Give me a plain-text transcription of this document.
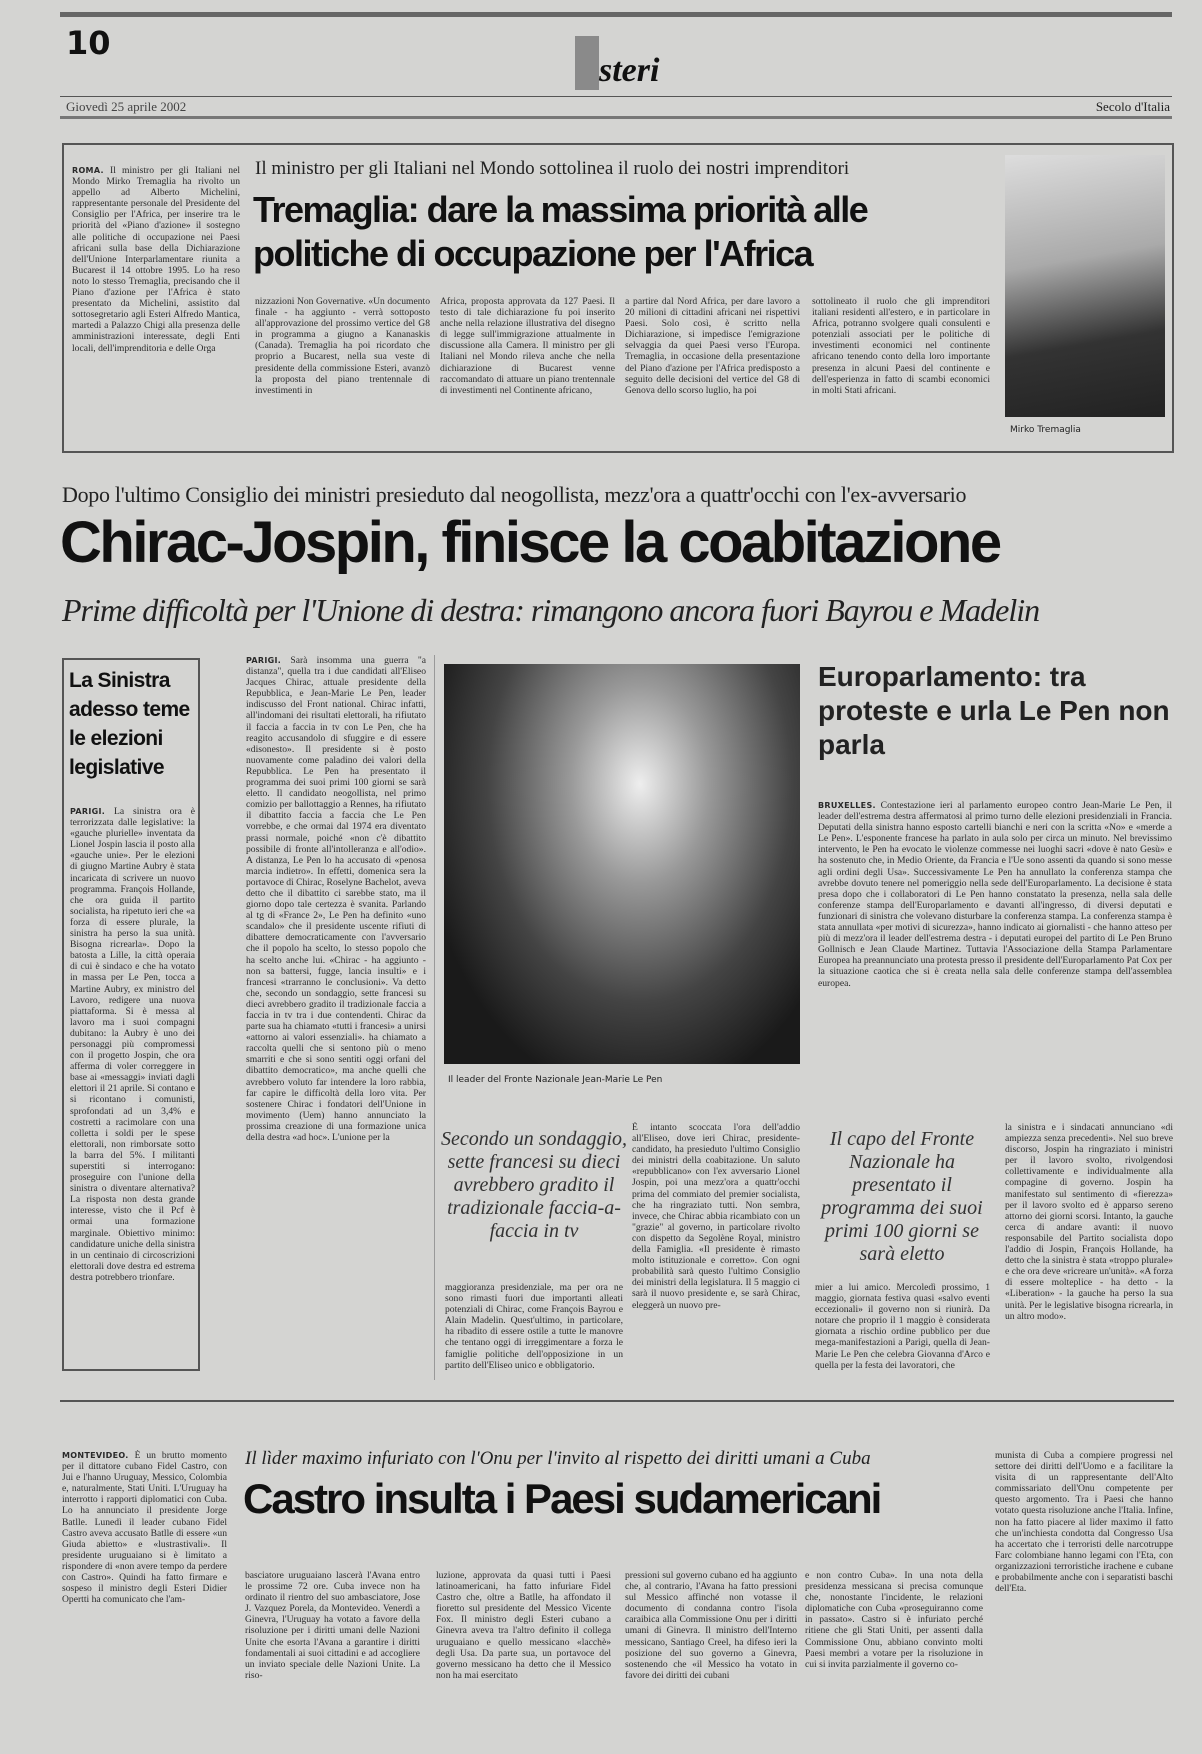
10
steri
Giovedì 25 aprile 2002	Secolo d'Italia
ROMA. Il ministro per gli Italiani nel Mondo Mirko Tremaglia ha rivolto un appello ad Alberto Michelini, rappresentante personale del Presidente del Consiglio per l'Africa, per inserire tra le priorità del «Piano d'azione» il sostegno alle politiche di occupazione nei Paesi africani sulla base della Dichiarazione dell'Unione Interparlamentare riunita a Bucarest il 14 ottobre 1995. Lo ha reso noto lo stesso Tremaglia, precisando che il Piano d'azione per l'Africa è stato presentato da Michelini, assistito dal sottosegretario agli Esteri Alfredo Mantica, martedì a Palazzo Chigi alla presenza delle amministrazioni interessate, degli Enti locali, dell'imprenditoria e delle Orga
Il ministro per gli Italiani nel Mondo sottolinea il ruolo dei nostri imprenditori
Tremaglia: dare la massima priorità alle politiche di occupazione per l'Africa
nizzazioni Non Governative. «Un documento finale - ha aggiunto - verrà sottoposto all'approvazione del prossimo vertice del G8 in programma a giugno a Kananaskis (Canada). Tremaglia ha poi ricordato che proprio a Bucarest, nella sua veste di presidente della commissione Esteri, avanzò la proposta del piano trentennale di investimenti in
Africa, proposta approvata da 127 Paesi. Il testo di tale dichiarazione fu poi inserito anche nella relazione illustrativa del disegno di legge sull'immigrazione attualmente in discussione alla Camera. Il ministro per gli Italiani nel Mondo rileva anche che nella dichiarazione di Bucarest venne raccomandato di attuare un piano trentennale di investimenti nel Continente africano,
a partire dal Nord Africa, per dare lavoro a 20 milioni di cittadini africani nei rispettivi Paesi. Solo così, è scritto nella Dichiarazione, si impedisce l'emigrazione selvaggia da quei Paesi verso l'Europa. Tremaglia, in occasione della presentazione del Piano d'azione per l'Africa predisposto a seguito delle decisioni del vertice del G8 di Genova dello scorso luglio, ha poi
sottolineato il ruolo che gli imprenditori italiani residenti all'estero, e in particolare in Africa, potranno svolgere quali consulenti e potenziali associati per le politiche di investimenti economici nel continente africano tenendo conto della loro importante presenza in alcuni Paesi del continente e dell'esperienza in fatto di scambi economici in molti Stati africani.
Mirko Tremaglia
Dopo l'ultimo Consiglio dei ministri presieduto dal neogollista, mezz'ora a quattr'occhi con l'ex-avversario
Chirac-Jospin, finisce la coabitazione
Prime difficoltà per l'Unione di destra: rimangono ancora fuori Bayrou e Madelin
La Sinistra adesso teme le elezioni legislative
PARIGI. La sinistra ora è terrorizzata dalle legislative: la «gauche plurielle» inventata da Lionel Jospin lascia il posto alla «gauche unie». Per le elezioni di giugno Martine Aubry è stata incaricata di scrivere un nuovo programma. François Hollande, che ora guida il partito socialista, ha ripetuto ieri che «a forza di essere plurale, la sinistra ha perso la sua unità. Bisogna ricrearla». Dopo la batosta a Lille, la città operaia di cui è sindaco e che ha votato in massa per Le Pen, tocca a Martine Aubry, ex ministro del Lavoro, redigere una nuova piattaforma. Si è messa al lavoro ma i suoi compagni dubitano: la Aubry è uno dei personaggi più compromessi con il progetto Jospin, che ora afferma di voler correggere in base ai «messaggi» inviati dagli elettori il 21 aprile. Si contano e si ricontano i comunisti, sprofondati ad un 3,4% e costretti a racimolare con una colletta i soldi per le spese elettorali, non rimborsate sotto la barra del 5%. I militanti superstiti si interrogano: proseguire con l'unione della sinistra o diventare alternativa? La risposta non desta grande interesse, visto che il Pcf è ormai una formazione marginale. Obiettivo minimo: candidature uniche della sinistra in un centinaio di circoscrizioni elettorali dove destra ed estrema destra potrebbero trionfare.
PARIGI. Sarà insomma una guerra "a distanza", quella tra i due candidati all'Eliseo Jacques Chirac, attuale presidente della Repubblica, e Jean-Marie Le Pen, leader indiscusso del Front national. Chirac infatti, all'indomani dei risultati elettorali, ha rifiutato il faccia a faccia in tv con Le Pen, che ha reagito accusandolo di sfuggire e di essere «disonesto». Il presidente si è posto nuovamente come paladino dei valori della Repubblica. Le Pen ha presentato il programma dei suoi primi 100 giorni se sarà eletto. Il candidato neogollista, nel primo comizio per ballottaggio a Rennes, ha rifiutato il dibattito faccia a faccia che Le Pen vorrebbe, e che ormai dal 1974 era diventato prassi normale, poiché «non c'è dibattito possibile di fronte all'intolleranza e all'odio». A distanza, Le Pen lo ha accusato di «penosa marcia indietro». In effetti, domenica sera la portavoce di Chirac, Roselyne Bachelot, aveva detto che il dibattito ci sarebbe stato, ma il giorno dopo tale certezza è svanita. Parlando al tg di «France 2», Le Pen ha definito «uno scandalo» che il presidente uscente rifiuti di dibattere democraticamente con l'avversario che il popolo ha scelto, lo stesso popolo che ha scelto anche lui. «Chirac - ha aggiunto - non sa battersi, fugge, lancia insulti» e i francesi «trarranno le conclusioni». Va detto che, secondo un sondaggio, sette francesi su dieci avrebbero gradito il tradizionale faccia a faccia in tv tra i due contendenti. Chirac da parte sua ha chiamato «tutti i francesi» a unirsi «attorno ai valori essenziali». ha chiamato a raccolta quelli che si sentono più o meno smarriti e che si sono sentiti oggi orfani del dibattito democratico», ma anche quelli che avrebbero voluto far intendere la loro rabbia, far capire le difficoltà della loro vita. Per sostenere Chirac i fondatori dell'Unione in movimento (Uem) hanno annunciato la prossima creazione di una formazione unica della destra «ad hoc». L'unione per la
Il leader del Fronte Nazionale Jean-Marie Le Pen
Europarlamento: tra proteste e urla Le Pen non parla
BRUXELLES. Contestazione ieri al parlamento europeo contro Jean-Marie Le Pen, il leader dell'estrema destra affermatosi al primo turno delle elezioni presidenziali in Francia. Deputati della sinistra hanno esposto cartelli bianchi e neri con la scritta «No» e «merde a Le Pen». L'esponente francese ha parlato in aula solo per circa un minuto. Nel brevissimo intervento, le Pen ha evocato le violenze commesse nei luoghi sacri «dove è nato Gesù» e ha sostenuto che, in Medio Oriente, da Francia e l'Ue sono assenti da quando si sono messe agli ordini degli Usa». Successivamente Le Pen ha annullato la conferenza stampa che avrebbe dovuto tenere nel pomeriggio nella sede dell'Europarlamento. La decisione è stata presa dopo che i collaboratori di Le Pen hanno constatato la presenza, nella sala delle conferenze stampa dell'Europarlamento e davanti all'ingresso, di diversi deputati e funzionari di sinistra che volevano disturbare la conferenza stampa. La conferenza stampa è stata annullata «per motivi di sicurezza», hanno indicato ai giornalisti - che hanno atteso per più di mezz'ora il leader dell'estrema destra - i deputati europei del partito di Le Pen Bruno Gollnisch e Jean Claude Martinez. Tuttavia l'Associazione della Stampa Parlamentare Europea ha preannunciato una protesta presso il presidente dell'Europarlamento Pat Cox per la situazione caotica che si è creata nella sala delle conferenze stampa dell'assemblea europea.
Secondo un sondaggio, sette francesi su dieci avrebbero gradito il tradizionale faccia-a-faccia in tv
maggioranza presidenziale, ma per ora ne sono rimasti fuori due importanti alleati potenziali di Chirac, come François Bayrou e Alain Madelin. Quest'ultimo, in particolare, ha ribadito di essere ostile a tutte le manovre che tentano oggi di irreggimentare a forza le famiglie politiche dell'opposizione in un partito dell'Eliseo unico e obbligatorio.
È intanto scoccata l'ora dell'addio all'Eliseo, dove ieri Chirac, presidente-candidato, ha presieduto l'ultimo Consiglio dei ministri della coabitazione. Un saluto «repubblicano» con l'ex avversario Lionel Jospin, poi una mezz'ora a quattr'occhi prima del commiato del premier socialista, che ha ringraziato tutti. Non sembra, invece, che Chirac abbia ricambiato con un "grazie" al governo, in particolare rivolto con dispetto da Segolène Royal, ministro della Famiglia. «Il presidente è rimasto molto istituzionale e corretto». Con ogni probabilità sarà questo l'ultimo Consiglio dei ministri della legislatura. Il 5 maggio ci sarà il nuovo presidente e, se sarà Chirac, eleggerà un nuovo pre-
Il capo del Fronte Nazionale ha presentato il programma dei suoi primi 100 giorni se sarà eletto
mier a lui amico. Mercoledì prossimo, 1 maggio, giornata festiva quasi «salvo eventi eccezionali» il governo non si riunirà. Da notare che proprio il 1 maggio è considerata giornata a rischio ordine pubblico per due mega-manifestazioni a Parigi, quella di Jean-Marie Le Pen che celebra Giovanna d'Arco e quella per la festa dei lavoratori, che
la sinistra e i sindacati annunciano «di ampiezza senza precedenti». Nel suo breve discorso, Jospin ha ringraziato i ministri per il lavoro svolto, rivolgendosi collettivamente e individualmente alla compagine di governo. Jospin ha manifestato sul sentimento di «fierezza» per il lavoro svolto ed è apparso sereno attorno dei giorni scorsi. Intanto, la gauche cerca di andare avanti: il nuovo responsabile del Partito socialista dopo l'addio di Jospin, François Hollande, ha detto che la sinistra è stata «troppo plurale» e che ora deve «ricreare un'unità». «A forza di essere molteplice - ha detto - la «Liberation» - la gauche ha perso la sua unità. Per le legislative bisogna ricrearla, in un altro modo».
MONTEVIDEO. È un brutto momento per il dittatore cubano Fidel Castro, con Jui e l'hanno Uruguay, Messico, Colombia e, naturalmente, Stati Uniti. L'Uruguay ha interrotto i rapporti diplomatici con Cuba. Lo ha annunciato il presidente Jorge Batlle. Lunedì il leader cubano Fidel Castro aveva accusato Batlle di essere «un Giuda abietto» e «lustrastivali». Il presidente uruguaiano si è limitato a rispondere di «non avere tempo da perdere con Castro». Quindi ha fatto firmare e sospeso il ministro degli Esteri Didier Opertti ha comunicato che l'am-
Il lìder maximo infuriato con l'Onu per l'invito al rispetto dei diritti umani a Cuba
Castro insulta i Paesi sudamericani
basciatore uruguaiano lascerà l'Avana entro le prossime 72 ore. Cuba invece non ha ordinato il rientro del suo ambasciatore, Jose J. Vazquez Porela, da Montevideo. Venerdì a Ginevra, l'Uruguay ha votato a favore della risoluzione per i diritti umani delle Nazioni Unite che esorta l'Avana a garantire i diritti fondamentali ai suoi cittadini e ad accogliere un inviato speciale delle Nazioni Unite. La riso-
luzione, approvata da quasi tutti i Paesi latinoamericani, ha fatto infuriare Fidel Castro che, oltre a Batlle, ha affondato il fioretto sul presidente del Messico Vicente Fox. Il ministro degli Esteri cubano a Ginevra aveva tra l'altro definito il collega uruguaiano e quello messicano «lacchè» degli Usa. Da parte sua, un portavoce del governo messicano ha detto che il Messico non ha mai esercitato
pressioni sul governo cubano ed ha aggiunto che, al contrario, l'Avana ha fatto pressioni sul Messico affinché non votasse il documento di condanna contro l'isola caraibica alla Commissione Onu per i diritti umani di Ginevra. Il ministro dell'Interno messicano, Santiago Creel, ha difeso ieri la posizione del suo governo a Ginevra, sostenendo che «il Messico ha votato in favore dei diritti dei cubani
e non contro Cuba». In una nota della presidenza messicana si precisa comunque che, nonostante l'incidente, le relazioni diplomatiche con Cuba «proseguiranno come in passato». Castro si è infuriato perché ritiene che gli Stati Uniti, per assenti dalla Commissione Onu, abbiano convinto molti Paesi membri a votare per la risoluzione in cui si invita parzialmente il governo co-
munista di Cuba a compiere progressi nel settore dei diritti dell'Uomo e a facilitare la visita di un rappresentante dell'Alto commissariato dell'Onu competente per questo argomento. Tra i Paesi che hanno votato questa risoluzione anche l'Italia. Infine, non ha fatto piacere al lìder maximo il fatto che un'inchiesta condotta dal Congresso Usa ha accertato che i terroristi delle narcotruppe Farc colombiane hanno legami con l'Eta, con organizzazioni terroristiche irachene e cubane e probabilmente anche con i separatisti baschi dell'Eta.
